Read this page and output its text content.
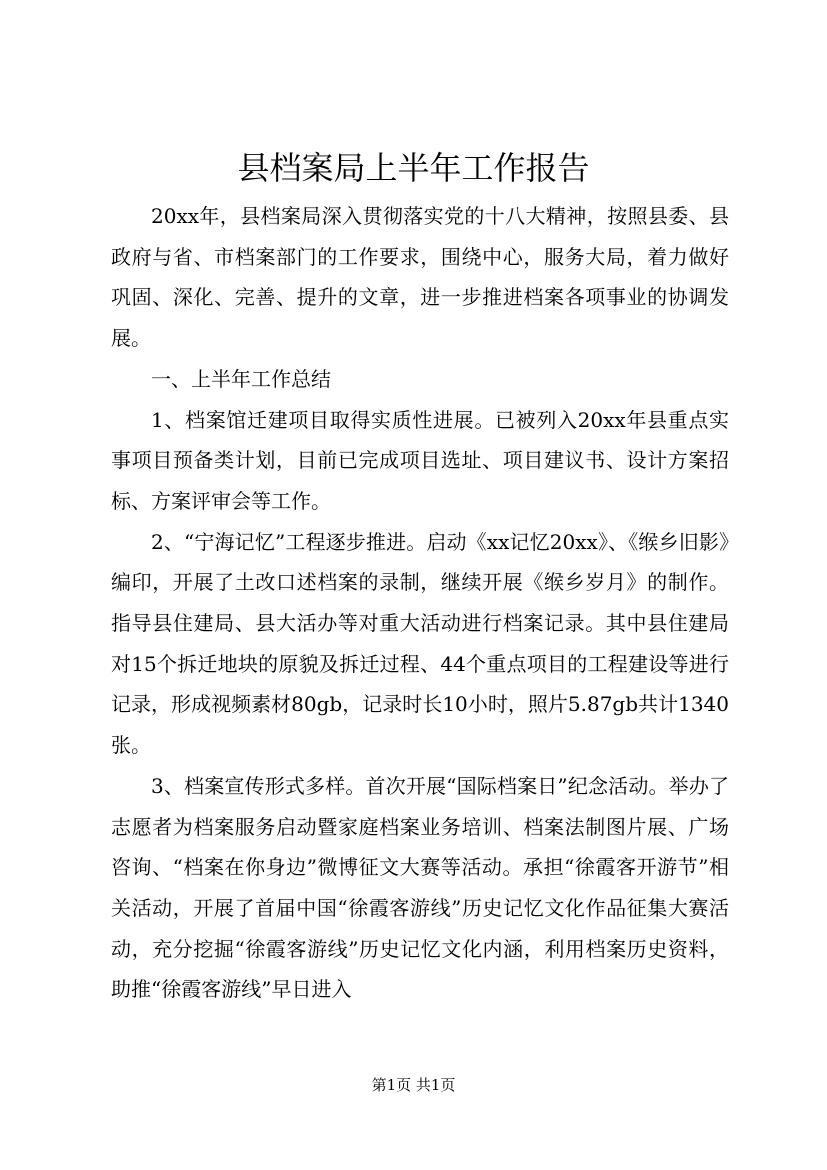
县档案局上半年工作报告

20xx年，县档案局深入贯彻落实党的十八大精神，按照县委、县政府与省、市档案部门的工作要求，围绕中心，服务大局，着力做好巩固、深化、完善、提升的文章，进一步推进档案各项事业的协调发展。

一、上半年工作总结

1、档案馆迁建项目取得实质性进展。已被列入20xx年县重点实事项目预备类计划，目前已完成项目选址、项目建议书、设计方案招标、方案评审会等工作。

2、“宁海记忆”工程逐步推进。启动《xx记忆20xx》、《缑乡旧影》编印，开展了土改口述档案的录制，继续开展《缑乡岁月》的制作。指导县住建局、县大活办等对重大活动进行档案记录。其中县住建局对15个拆迁地块的原貌及拆迁过程、44个重点项目的工程建设等进行记录，形成视频素材80gb，记录时长10小时，照片5.87gb共计1340张。

3、档案宣传形式多样。首次开展“国际档案日”纪念活动。举办了志愿者为档案服务启动暨家庭档案业务培训、档案法制图片展、广场咨询、“档案在你身边”微博征文大赛等活动。承担“徐霞客开游节”相关活动，开展了首届中国“徐霞客游线”历史记忆文化作品征集大赛活动，充分挖掘“徐霞客游线”历史记忆文化内涵，利用档案历史资料，助推“徐霞客游线”早日进入

第1页 共1页
